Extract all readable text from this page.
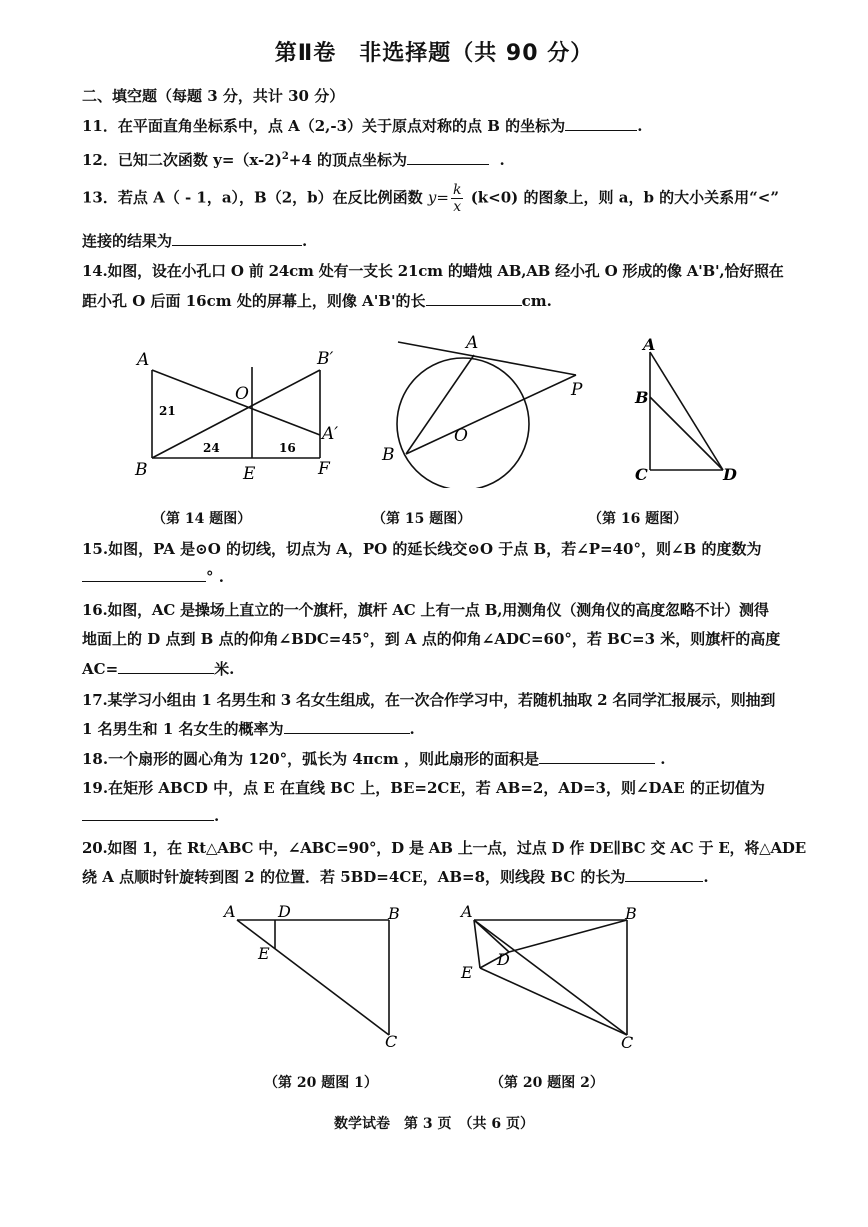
第Ⅱ卷　非选择题（共 90 分）
二、填空题（每题 3 分，共计 30 分）
11．在平面直角坐标系中，点 A（2,-3）关于原点对称的点 B 的坐标为	.
12．已知二次函数 y=（x-2)$^2$+4 的顶点坐标为	.
13．若点 A（ - 1，a），B（2，b）在反比例函数 $y= \frac{k}{x} (k<0)$ 的图象上，则 a，b 的大小关系用“<”
连接的结果为	.
14.如图，设在小孔口 O 前 24cm 处有一支长 21cm 的蜡烛 AB,AB 经小孔 O 形成的像 A'B',恰好照在
距小孔 O 后面 16cm 处的屏幕上，则像 A'B'的长	cm.
A
B
O
E	F
A′
B′
21
24	16
（第 14 题图）
A
B
O
P
（第 15 题图）
A
B
C	D
（第 16 题图）
15.如图，PA 是⊙O 的切线，切点为 A，PO 的延长线交⊙O 于点 B，若∠P=40°，则∠B 的度数为
° .
16.如图，AC 是操场上直立的一个旗杆，旗杆 AC 上有一点 B,用测角仪（测角仪的高度忽略不计）测得
地面上的 D 点到 B 点的仰角∠BDC=45°，到 A 点的仰角∠ADC=60°，若 BC=3 米，则旗杆的高度
AC=	米.
17.某学习小组由 1 名男生和 3 名女生组成，在一次合作学习中，若随机抽取 2 名同学汇报展示，则抽到
1 名男生和 1 名女生的概率为	.
18.一个扇形的圆心角为 120°，弧长为 4πcm ，则此扇形的面积是	.
19.在矩形 ABCD 中，点 E 在直线 BC 上，BE=2CE，若 AB=2，AD=3，则∠DAE 的正切值为
.
20.如图 1，在 Rt△ABC 中，∠ABC=90°，D 是 AB 上一点，过点 D 作 DE∥BC 交 AC 于 E，将△ADE
绕 A 点顺时针旋转到图 2 的位置．若 5BD=4CE，AB=8，则线段 BC 的长为	.
A	D	B
E
C
（第 20 题图 1）
A	B
D
E
C
（第 20 题图 2）
数学试卷　第 3 页　（共 6 页）
